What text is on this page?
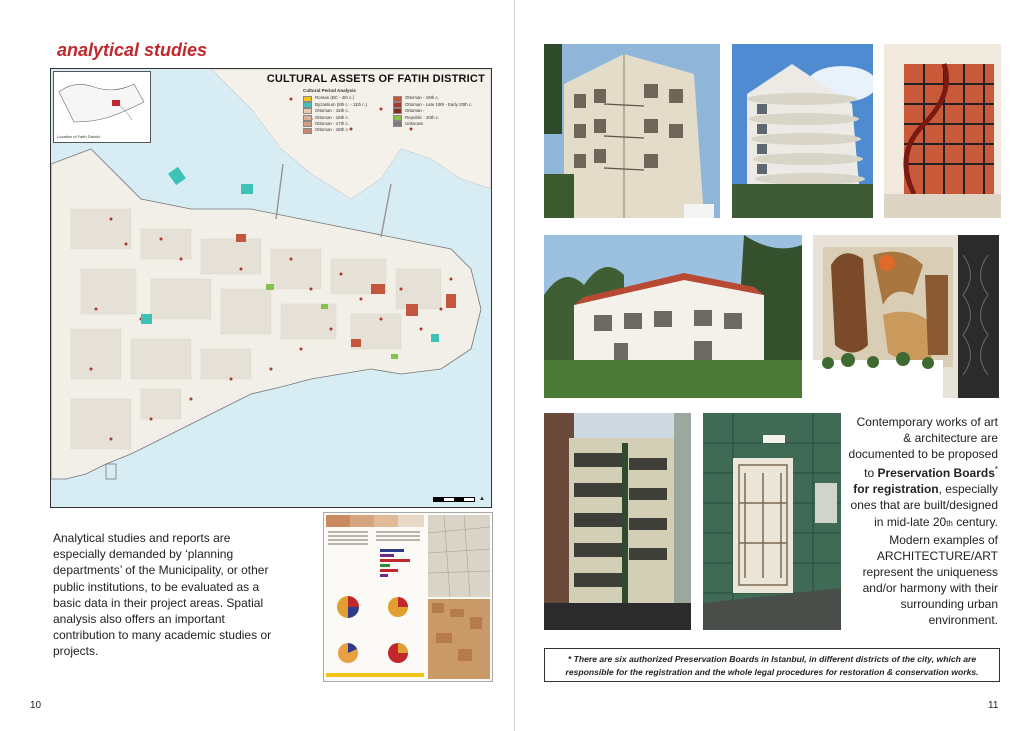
analytical studies
Location of Fatih District
CULTURAL ASSETS OF FATIH DISTRICT
Cultural Period Analysis
Roman (BC - 4th c.)
Byzantium (5th c. - 11th c.)
Ottoman - 15th c.
Ottoman - 16th c.
Ottoman - 17th c.
Ottoman - 18th c.
Ottoman - 19th c.
Ottoman - Late 19th - Early 20th c.
Ottoman -
Republic - 20th c.
Unknown
▲
Analytical studies and reports are especially demanded by ‘planning departments’ of the Municipality, or other public institutions, to be evaluated as a basic data in their project areas. Spatial analysis also offers an important contribution to many academic studies or projects.
10
Contemporary works of art & architecture are documented to be proposed to Preservation Boards* for registration, especially ones that are built/designed in mid-late 20th century. Modern examples of ARCHITECTURE/ART represent the uniqueness and/or harmony with their surrounding urban environment.
* There are six authorized Preservation Boards in Istanbul, in different districts of the city, which are responsible for the registration and the whole legal procedures for restoration & conservation works.
11
